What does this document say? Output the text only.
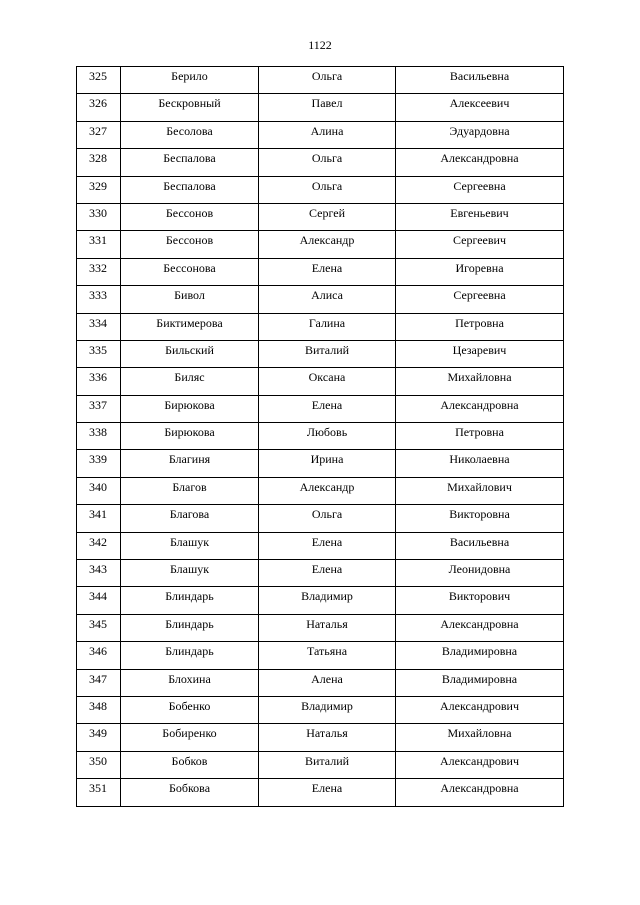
1122
325	Берило	Ольга	Васильевна
326	Бескровный	Павел	Алексеевич
327	Бесолова	Алина	Эдуардовна
328	Беспалова	Ольга	Александровна
329	Беспалова	Ольга	Сергеевна
330	Бессонов	Сергей	Евгеньевич
331	Бессонов	Александр	Сергеевич
332	Бессонова	Елена	Игоревна
333	Бивол	Алиса	Сергеевна
334	Биктимерова	Галина	Петровна
335	Бильский	Виталий	Цезаревич
336	Биляс	Оксана	Михайловна
337	Бирюкова	Елена	Александровна
338	Бирюкова	Любовь	Петровна
339	Благиня	Ирина	Николаевна
340	Благов	Александр	Михайлович
341	Благова	Ольга	Викторовна
342	Блашук	Елена	Васильевна
343	Блашук	Елена	Леонидовна
344	Блиндарь	Владимир	Викторович
345	Блиндарь	Наталья	Александровна
346	Блиндарь	Татьяна	Владимировна
347	Блохина	Алена	Владимировна
348	Бобенко	Владимир	Александрович
349	Бобиренко	Наталья	Михайловна
350	Бобков	Виталий	Александрович
351	Бобкова	Елена	Александровна
